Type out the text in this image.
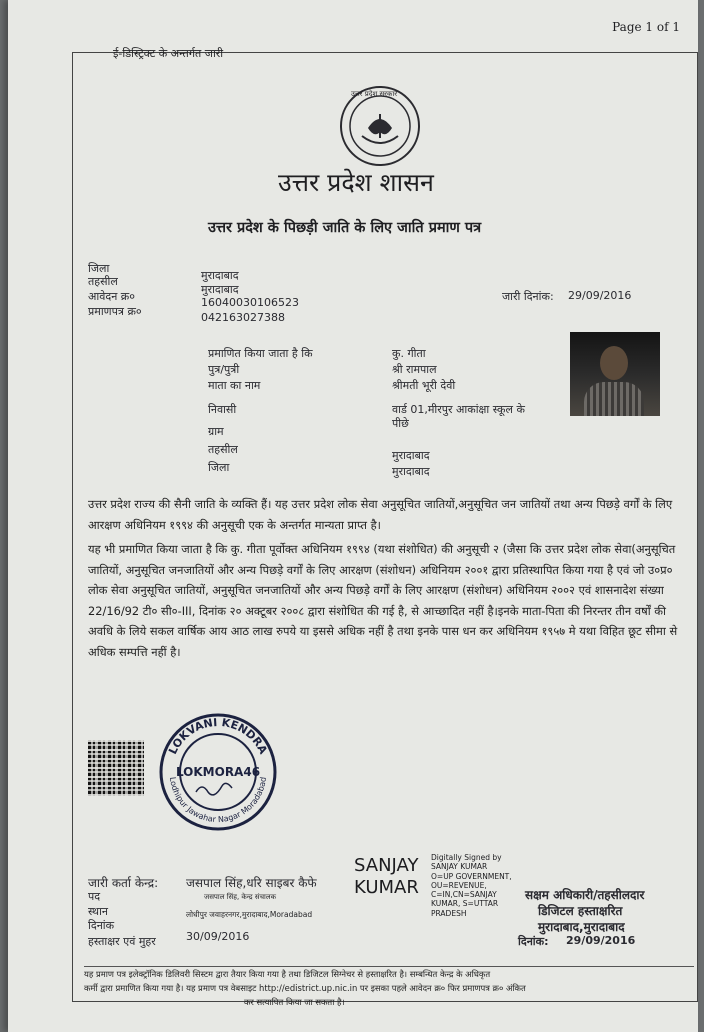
Page 1 of 1
ई-डिस्ट्रिक्ट के अन्तर्गत जारी
उत्तर प्रदेश सरकार
उत्तर प्रदेश शासन
उत्तर प्रदेश के पिछड़ी जाति के लिए जाति प्रमाण पत्र
जिला
मुरादाबाद
तहसील
मुरादाबाद
आवेदन क्र०	160400301065​23
प्रमाणपत्र क्र०	042163027388
जारी दिनांक: 29/09/2016
प्रमाणित किया जाता है कि	कु. गीता
पुत्र/पुत्री	श्री रामपाल
माता का नाम	श्रीमती भूरी देवी
निवासी	वार्ड 01,मीरपुर आकांक्षा स्कूल के
पीछे
ग्राम
तहसील	मुरादाबाद
जिला	मुरादाबाद

उत्तर प्रदेश राज्य की सैनी जाति के व्यक्ति हैं। यह उत्तर प्रदेश लोक सेवा अनुसूचित जातियों,अनुसूचित जन जातियों तथा अन्य पिछड़े वर्गों के लिए आरक्षण अधिनियम १९९४ की अनुसूची एक के अन्तर्गत मान्यता प्राप्त है।

यह भी प्रमाणित किया जाता है कि कु. गीता पूर्वोक्त अधिनियम १९९४ (यथा संशोधित) की अनुसूची २ (जैसा कि उत्तर प्रदेश लोक सेवा(अनुसूचित जातियों, अनुसूचित जनजातियों और अन्य पिछड़े वर्गों के लिए आरक्षण (संशोधन) अधिनियम २००१ द्वारा प्रतिस्थापित किया गया है एवं जो उ०प्र० लोक सेवा अनुसूचित जातियों, अनुसूचित जनजातियों और अन्य पिछड़े वर्गों के लिए आरक्षण (संशोधन) अधिनियम २००२ एवं शासनादेश संख्या 22/16/92 टी० सी०-III, दिनांक २० अक्टूबर २००८ द्वारा संशोधित की गई है, से आच्छादित नहीं है।इनके माता-पिता की निरन्तर तीन वर्षों की अवधि के लिये सकल वार्षिक आय आठ लाख रुपये या इससे अधिक नहीं है तथा इनके पास धन कर अधिनियम १९५७ मे यथा विहित छूट सीमा से अधिक सम्पत्ति नहीं है।

LOKVANI KENDRA
Lodhipur Jawahar Nagar Moradabad
LOKMORA46
जारी कर्ता केन्द्र: जसपाल सिंह,धरि साइबर कैफे
पद	जसपाल सिंह, केन्द्र संचालक
स्थान	लोधीपुर जवाहरनगर,मुरादाबाद,Moradabad
दिनांक
30/09/2016
हस्ताक्षर एवं मुहर
SANJAY
KUMAR
Digitally Signed by
SANJAY KUMAR
O=UP GOVERNMENT,
OU=REVENUE,
C=IN,CN=SANJAY
KUMAR, S=UTTAR
PRADESH
सक्षम अधिकारी/तहसीलदार
डिजिटल हस्ताक्षरित
मुरादाबाद,मुरादाबाद
दिनांक: 29/09/2016
यह प्रमाण पत्र इलेक्ट्रॉनिक डिलिवरी सिस्टम द्वारा तैयार किया गया है तथा डिजिटल सिग्नेचर से हस्ताक्षरित है। सम्बन्धित केन्द्र के अधिकृत
कर्मी द्वारा प्रमाणित किया गया है। यह प्रमाण पत्र वेबसाइट http://edistrict.up.nic.in पर इसका पहले आवेदन क्र० फिर प्रमाणपत्र क्र० अंकित
कर सत्यापित किया जा सकता है।
